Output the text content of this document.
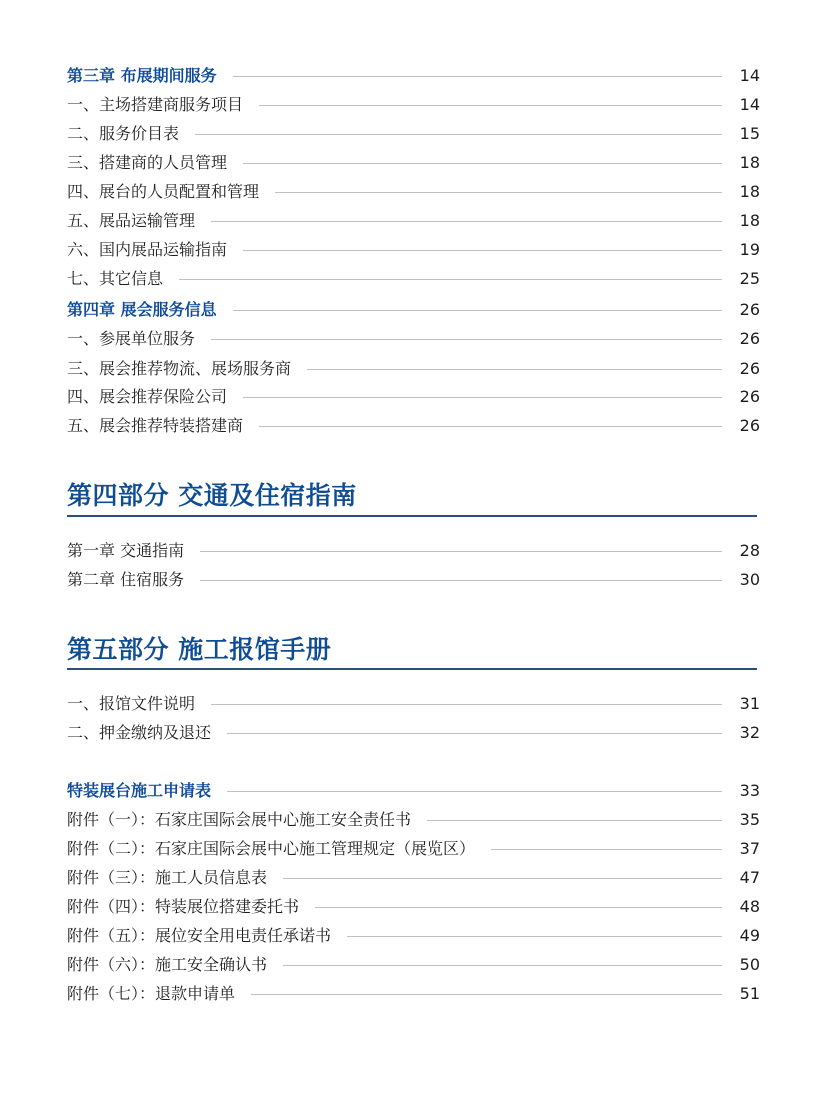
第三章 布展期间服务	14
一、主场搭建商服务项目	14
二、服务价目表	15
三、搭建商的人员管理	18
四、展台的人员配置和管理	18
五、展品运输管理	18
六、国内展品运输指南	19
七、其它信息	25
第四章 展会服务信息	26
一、参展单位服务	26
三、展会推荐物流、展场服务商	26
四、展会推荐保险公司	26
五、展会推荐特装搭建商	26
第四部分 交通及住宿指南
第一章 交通指南	28
第二章 住宿服务	30
第五部分 施工报馆手册
一、报馆文件说明	31
二、押金缴纳及退还	32
特装展台施工申请表	33
附件（一）：石家庄国际会展中心施工安全责任书	35
附件（二）：石家庄国际会展中心施工管理规定（展览区）	37
附件（三）：施工人员信息表	47
附件（四）：特装展位搭建委托书	48
附件（五）：展位安全用电责任承诺书	49
附件（六）：施工安全确认书	50
附件（七）：退款申请单	51
